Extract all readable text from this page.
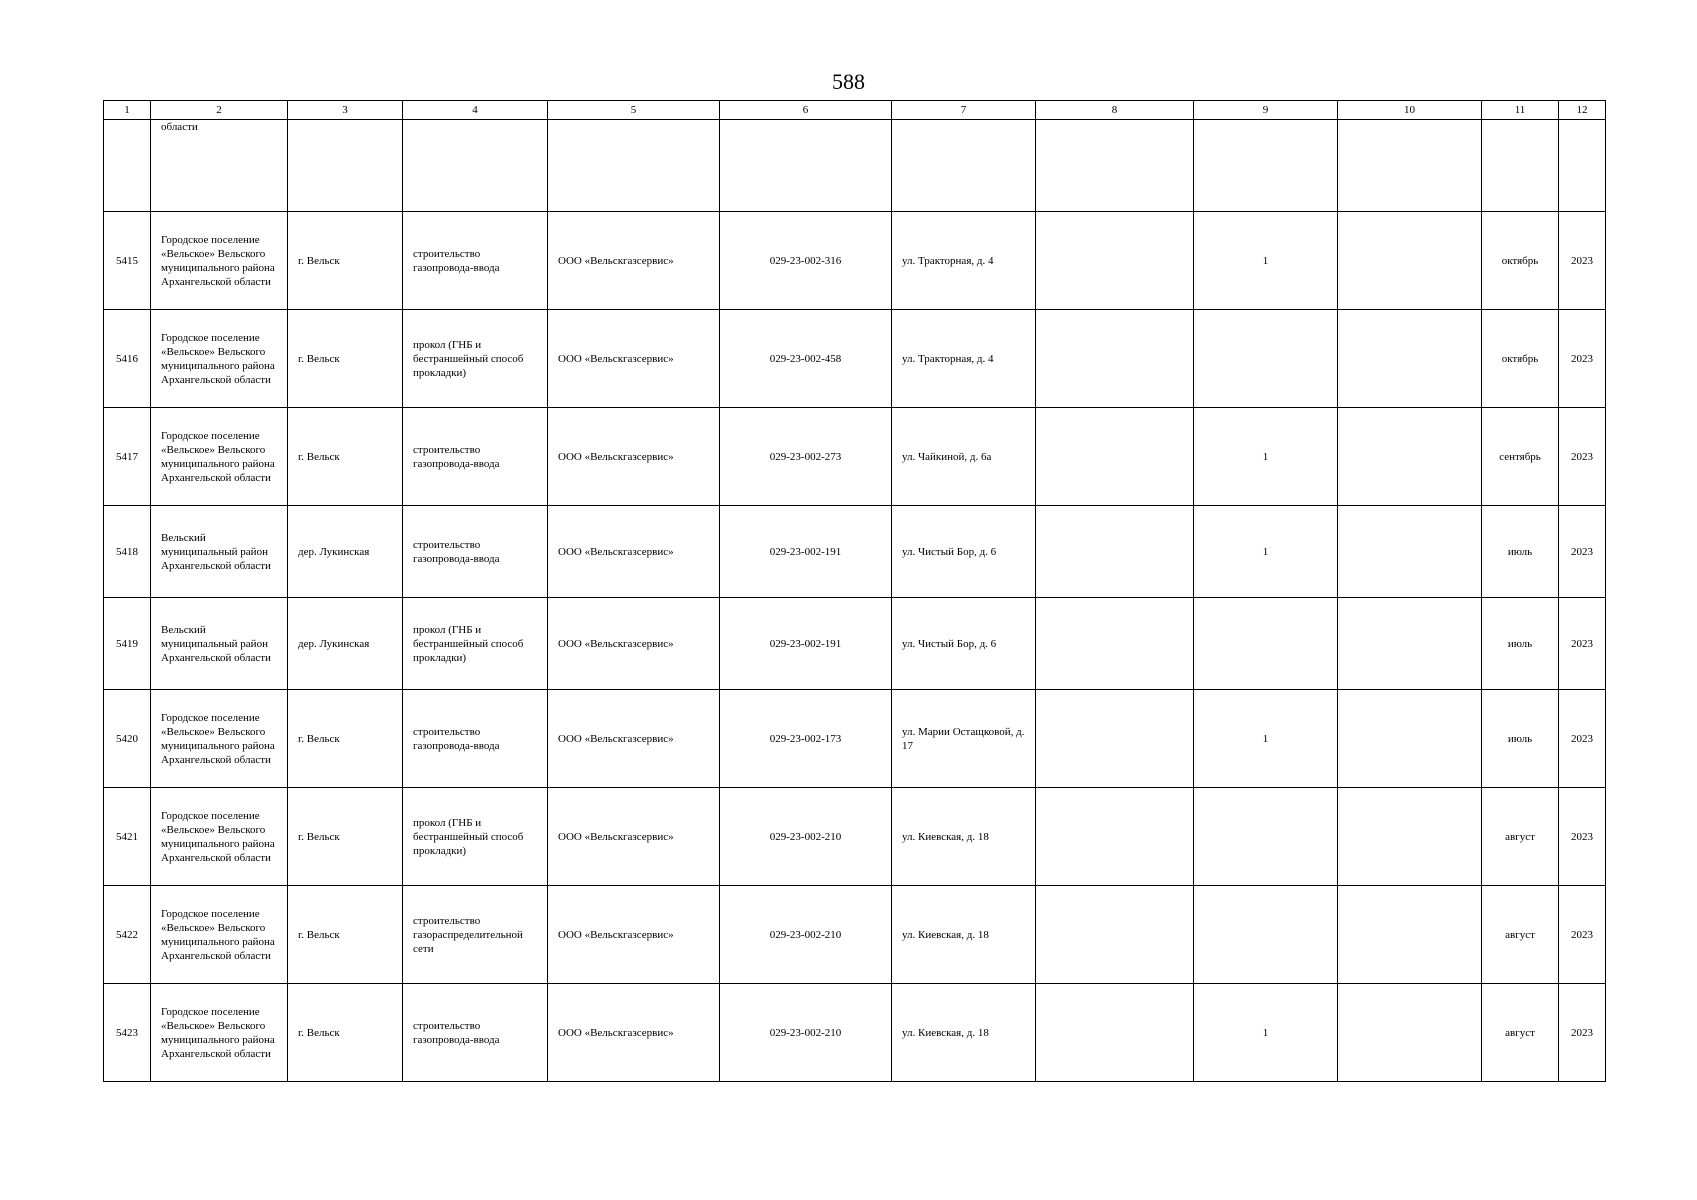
588
1	2	3	4	5	6	7	8	9	10	11	12
	области										
5415	Городское поселение «Вельское» Вельского муниципального района Архангельской области	г. Вельск	строительство газопровода-ввода	ООО «Вельскгазсервис»	029-23-002-316	ул. Тракторная, д. 4		1		октябрь	2023
5416	Городское поселение «Вельское» Вельского муниципального района Архангельской области	г. Вельск	прокол (ГНБ и бестраншейный способ прокладки)	ООО «Вельскгазсервис»	029-23-002-458	ул. Тракторная, д. 4				октябрь	2023
5417	Городское поселение «Вельское» Вельского муниципального района Архангельской области	г. Вельск	строительство газопровода-ввода	ООО «Вельскгазсервис»	029-23-002-273	ул. Чайкиной, д. 6а		1		сентябрь	2023
5418	Вельский муниципальный район Архангельской области	дер. Лукинская	строительство газопровода-ввода	ООО «Вельскгазсервис»	029-23-002-191	ул. Чистый Бор, д. 6		1		июль	2023
5419	Вельский муниципальный район Архангельской области	дер. Лукинская	прокол (ГНБ и бестраншейный способ прокладки)	ООО «Вельскгазсервис»	029-23-002-191	ул. Чистый Бор, д. 6				июль	2023
5420	Городское поселение «Вельское» Вельского муниципального района Архангельской области	г. Вельск	строительство газопровода-ввода	ООО «Вельскгазсервис»	029-23-002-173	ул. Марии Остащковой, д. 17		1		июль	2023
5421	Городское поселение «Вельское» Вельского муниципального района Архангельской области	г. Вельск	прокол (ГНБ и бестраншейный способ прокладки)	ООО «Вельскгазсервис»	029-23-002-210	ул. Киевская, д. 18				август	2023
5422	Городское поселение «Вельское» Вельского муниципального района Архангельской области	г. Вельск	строительство газораспределительной сети	ООО «Вельскгазсервис»	029-23-002-210	ул. Киевская, д. 18				август	2023
5423	Городское поселение «Вельское» Вельского муниципального района Архангельской области	г. Вельск	строительство газопровода-ввода	ООО «Вельскгазсервис»	029-23-002-210	ул. Киевская, д. 18		1		август	2023
